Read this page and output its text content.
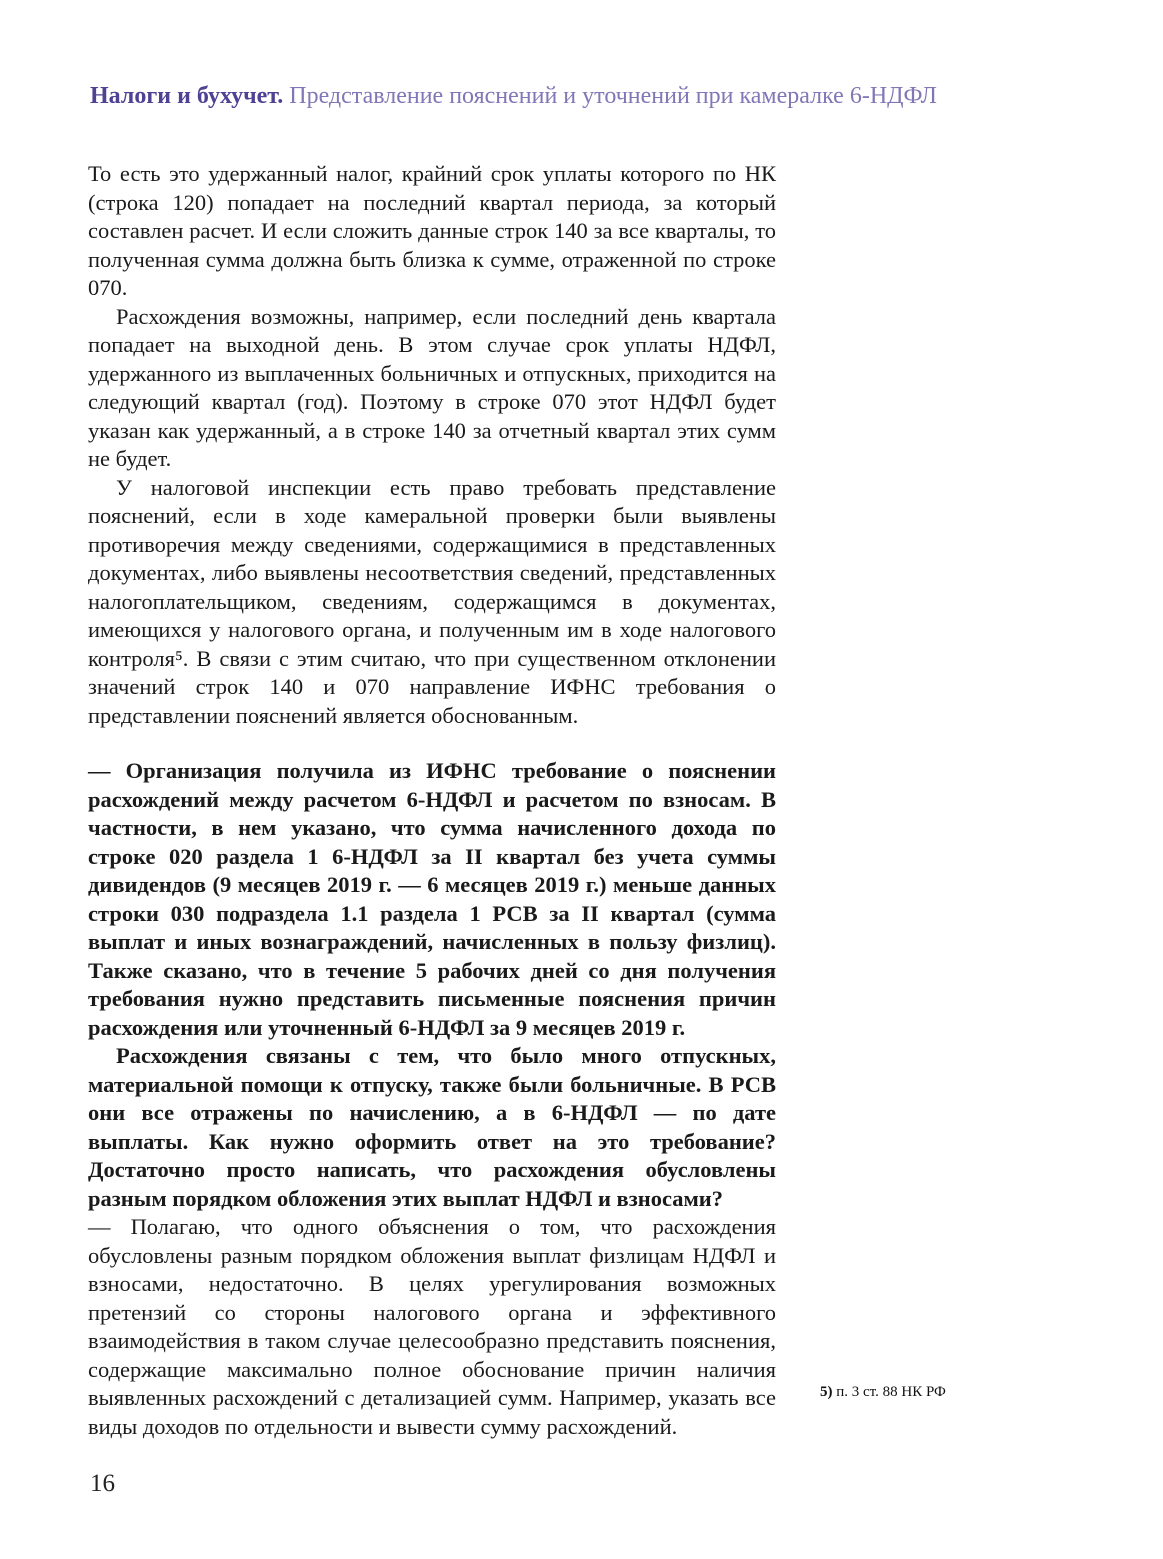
Налоги и бухучет. Представление пояснений и уточнений при камералке 6-НДФЛ

То есть это удержанный налог, крайний срок уплаты которого по НК (строка 120) попадает на последний квартал периода, за который составлен расчет. И если сложить данные строк 140 за все кварталы, то полученная сумма должна быть близка к сумме, отраженной по строке 070.

Расхождения возможны, например, если последний день квартала попадает на выходной день. В этом случае срок уплаты НДФЛ, удержанного из выплаченных больничных и отпускных, приходится на следующий квартал (год). Поэтому в строке 070 этот НДФЛ будет указан как удержанный, а в строке 140 за отчетный квартал этих сумм не будет.

У налоговой инспекции есть право требовать представление пояснений, если в ходе камеральной проверки были выявлены противоречия между сведениями, содержащимися в представленных документах, либо выявлены несоответствия сведений, представленных налогоплательщиком, сведениям, содержащимся в документах, имеющихся у налогового органа, и полученным им в ходе налогового контроля⁵. В связи с этим считаю, что при существенном отклонении значений строк 140 и 070 направление ИФНС требования о представлении пояснений является обоснованным.

— Организация получила из ИФНС требование о пояснении расхождений между расчетом 6-НДФЛ и расчетом по взносам. В частности, в нем указано, что сумма начисленного дохода по строке 020 раздела 1 6-НДФЛ за II квартал без учета суммы дивидендов (9 месяцев 2019 г. — 6 месяцев 2019 г.) меньше данных строки 030 подраздела 1.1 раздела 1 РСВ за II квартал (сумма выплат и иных вознаграждений, начисленных в пользу физлиц). Также сказано, что в течение 5 рабочих дней со дня получения требования нужно представить письменные пояснения причин расхождения или уточненный 6-НДФЛ за 9 месяцев 2019 г.

Расхождения связаны с тем, что было много отпускных, материальной помощи к отпуску, также были больничные. В РСВ они все отражены по начислению, а в 6-НДФЛ — по дате выплаты. Как нужно оформить ответ на это требование? Достаточно просто написать, что расхождения обусловлены разным порядком обложения этих выплат НДФЛ и взносами?

— Полагаю, что одного объяснения о том, что расхождения обусловлены разным порядком обложения выплат физлицам НДФЛ и взносами, недостаточно. В целях урегулирования возможных претензий со стороны налогового органа и эффективного взаимодействия в таком случае целесообразно представить пояснения, содержащие максимально полное обоснование причин наличия выявленных расхождений с детализацией сумм. Например, указать все виды доходов по отдельности и вывести сумму расхождений.

5) п. 3 ст. 88 НК РФ
16
